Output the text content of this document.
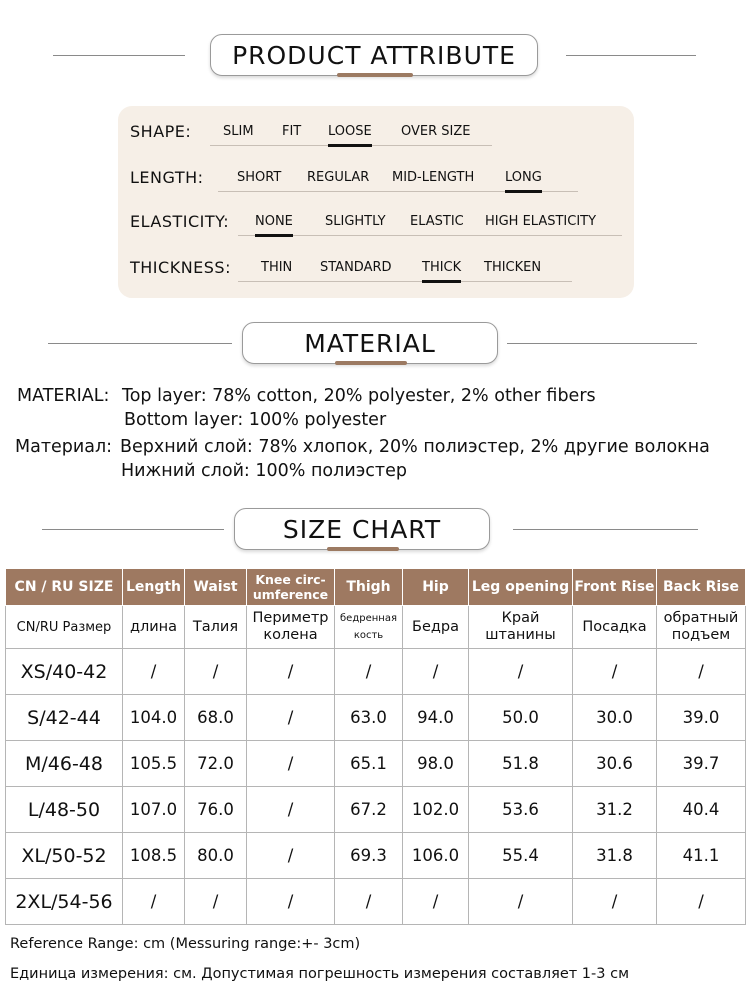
PRODUCT ATTRIBUTE
SHAPE: SLIM FIT LOOSE OVER SIZE
LENGTH:	SHORT REGULAR MID-LENGTH LONG
ELASTICITY: NONE SLIGHTLY ELASTIC HIGH ELASTICITY
THICKNESS: THIN STANDARD THICK THICKEN
MATERIAL
MATERIAL: Top layer: 78% cotton, 20% polyester, 2% other fibers
Bottom layer: 100% polyester
Материал: Верхний слой: 78% хлопок, 20% полиэстер, 2% другие волокна
Нижний слой: 100% полиэстер
SIZE CHART
CN / RU SIZE	Length	Waist	Knee circ-umference	Thigh	Hip	Leg opening	Front Rise	Back Rise
CN/RU Размер	длина	Талия	Периметр колена	бедренная кость	Бедра	Край штанины	Посадка	обратный подъем
XS/40-42	/	/	/	/	/	/	/	/
S/42-44	104.0	68.0	/	63.0	94.0	50.0	30.0	39.0
M/46-48	105.5	72.0	/	65.1	98.0	51.8	30.6	39.7
L/48-50	107.0	76.0	/	67.2	102.0	53.6	31.2	40.4
XL/50-52	108.5	80.0	/	69.3	106.0	55.4	31.8	41.1
2XL/54-56	/	/	/	/	/	/	/	/
Reference Range: cm (Messuring range:+- 3cm)
Единица измерения: см. Допустимая погрешность измерения составляет 1-3 см
